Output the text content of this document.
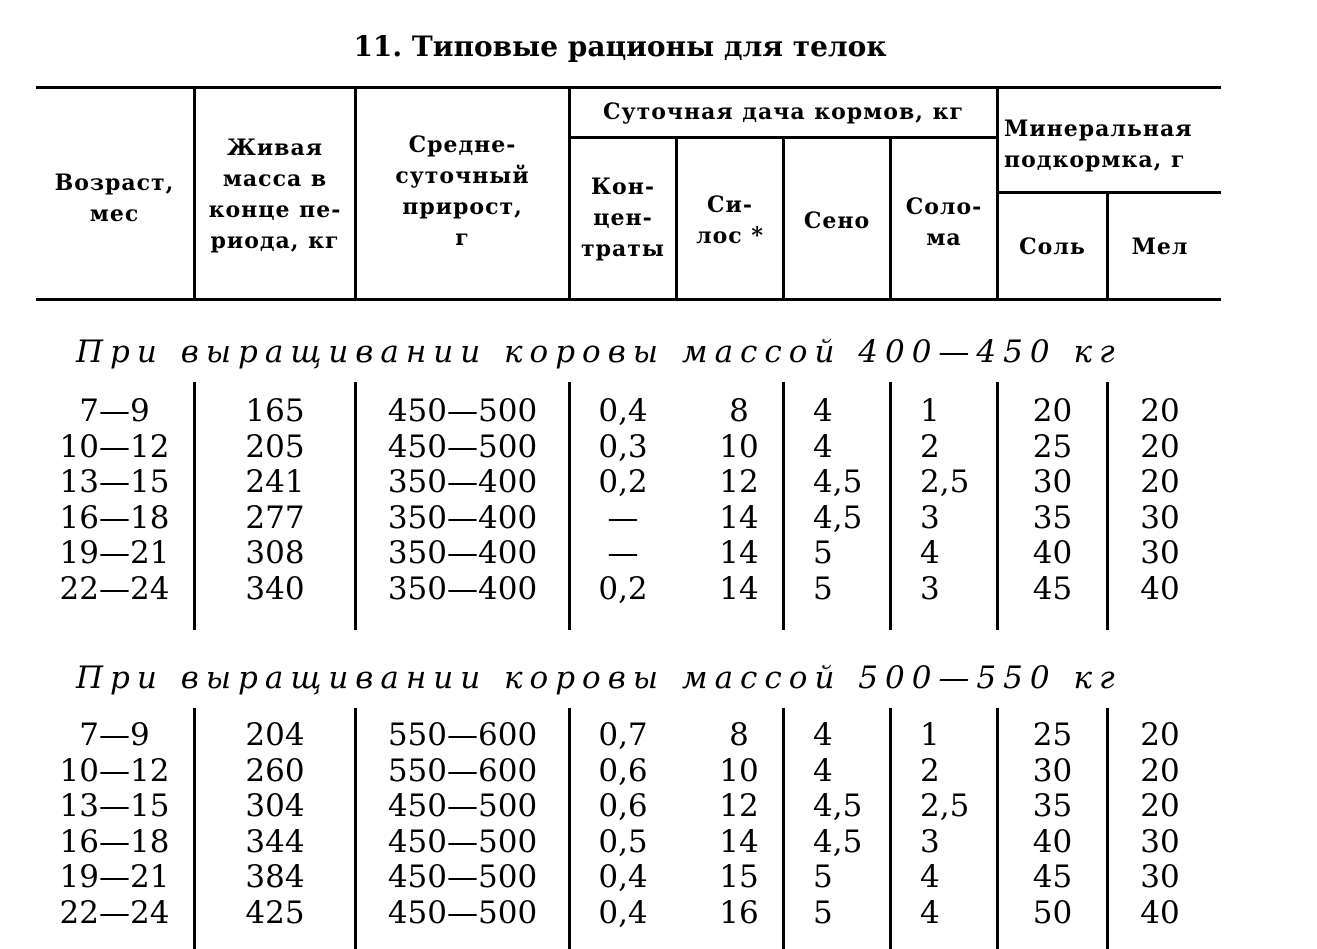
11. Типовые рационы для телок
Возраст,
мес
Живая
масса в
конце пе-
риода, кг
Средне-
суточный
прирост,
г
Суточная дача кормов, кг
Кон-
цен-
траты
Си-
лос *
Сено
Соло-
ма
Минеральная
подкормка, г
Соль	Мел
При выращивании коровы массой 400—450 кг
7—9
10—12
13—15
16—18
19—21
22—24
165
205
241
277
308
340
450—500
450—500
350—400
350—400
350—400
350—400
0,4
0,3
0,2
—
—
0,2
8
10
12
14
14
14
4
4
4,5
4,5
5
5
1
2
2,5
3
4
3
20
25
30
35
40
45
20
20
20
30
30
40
При выращивании коровы массой 500—550 кг
7—9
10—12
13—15
16—18
19—21
22—24
204
260
304
344
384
425
550—600
550—600
450—500
450—500
450—500
450—500
0,7
0,6
0,6
0,5
0,4
0,4
8
10
12
14
15
16
4
4
4,5
4,5
5
5
1
2
2,5
3
4
4
25
30
35
40
45
50
20
20
20
30
30
40
